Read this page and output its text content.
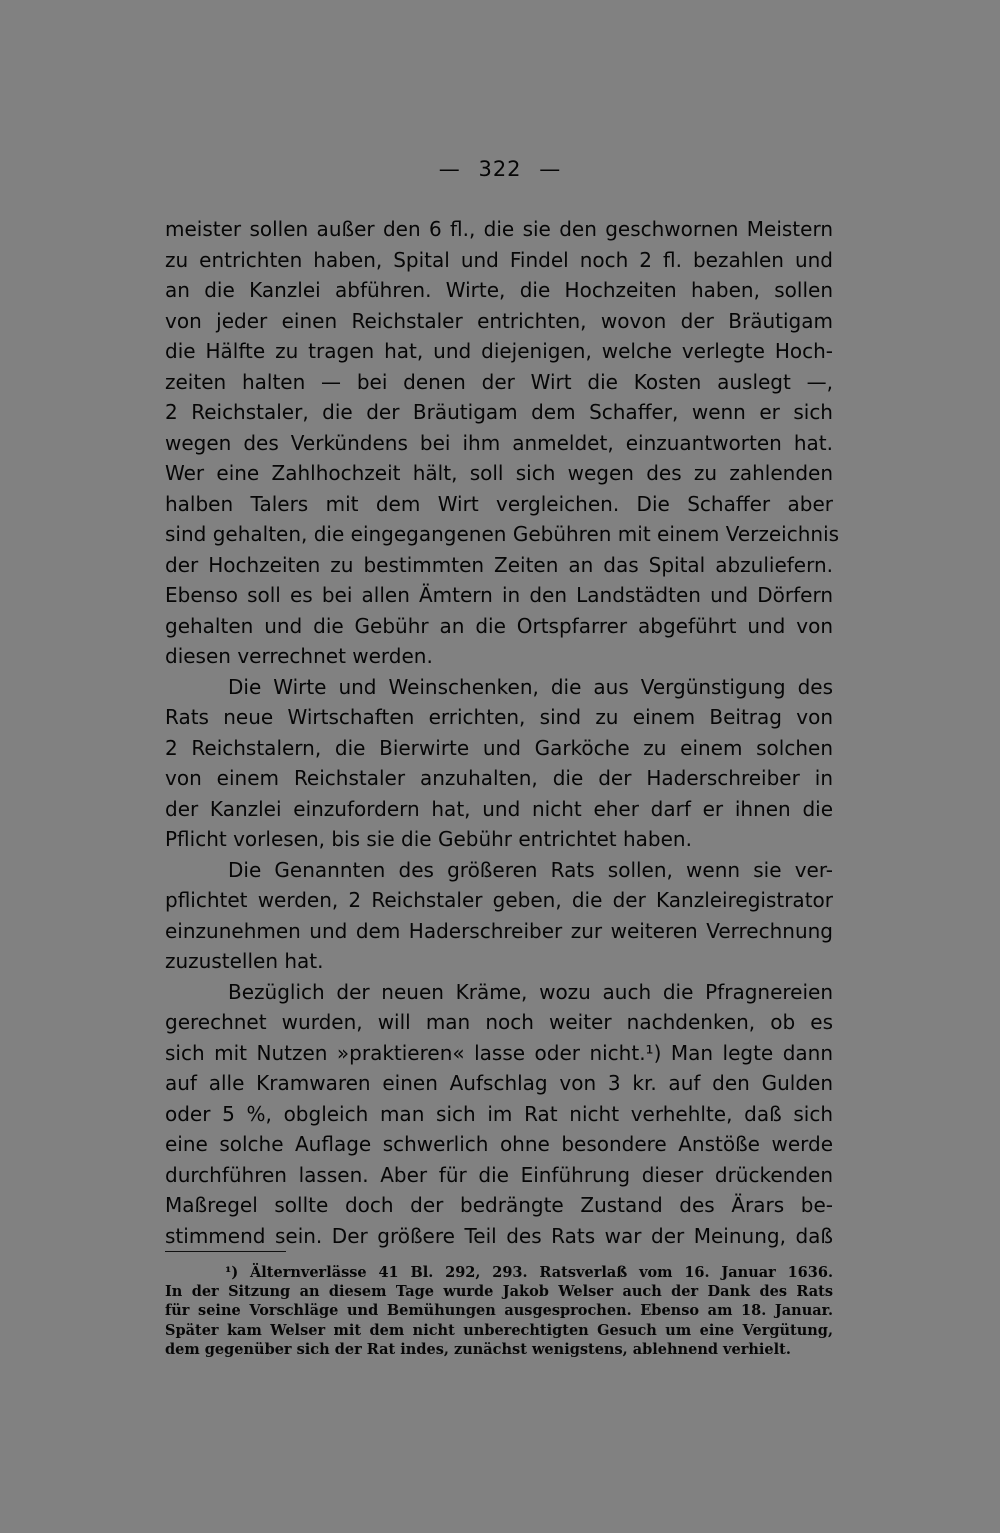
— 322 —
meister sollen außer den 6 fl., die sie den geschwornen Meistern
zu entrichten haben, Spital und Findel noch 2 fl. bezahlen und
an die Kanzlei abführen. Wirte, die Hochzeiten haben, sollen
von jeder einen Reichstaler entrichten, wovon der Bräutigam
die Hälfte zu tragen hat, und diejenigen, welche verlegte Hoch-
zeiten halten — bei denen der Wirt die Kosten auslegt —,
2 Reichstaler, die der Bräutigam dem Schaffer, wenn er sich
wegen des Verkündens bei ihm anmeldet, einzuantworten hat.
Wer eine Zahlhochzeit hält, soll sich wegen des zu zahlenden
halben Talers mit dem Wirt vergleichen. Die Schaffer aber
sind gehalten, die eingegangenen Gebühren mit einem Verzeichnis
der Hochzeiten zu bestimmten Zeiten an das Spital abzuliefern.
Ebenso soll es bei allen Ämtern in den Landstädten und Dörfern
gehalten und die Gebühr an die Ortspfarrer abgeführt und von
diesen verrechnet werden.
Die Wirte und Weinschenken, die aus Vergünstigung des
Rats neue Wirtschaften errichten, sind zu einem Beitrag von
2 Reichstalern, die Bierwirte und Garköche zu einem solchen
von einem Reichstaler anzuhalten, die der Haderschreiber in
der Kanzlei einzufordern hat, und nicht eher darf er ihnen die
Pflicht vorlesen, bis sie die Gebühr entrichtet haben.
Die Genannten des größeren Rats sollen, wenn sie ver-
pflichtet werden, 2 Reichstaler geben, die der Kanzleiregistrator
einzunehmen und dem Haderschreiber zur weiteren Verrechnung
zuzustellen hat.
Bezüglich der neuen Kräme, wozu auch die Pfragnereien
gerechnet wurden, will man noch weiter nachdenken, ob es
sich mit Nutzen »praktieren« lasse oder nicht.¹) Man legte dann
auf alle Kramwaren einen Aufschlag von 3 kr. auf den Gulden
oder 5 %, obgleich man sich im Rat nicht verhehlte, daß sich
eine solche Auflage schwerlich ohne besondere Anstöße werde
durchführen lassen. Aber für die Einführung dieser drückenden
Maßregel sollte doch der bedrängte Zustand des Ärars be-
stimmend sein. Der größere Teil des Rats war der Meinung, daß
¹) Älternverlässe 41 Bl. 292, 293. Ratsverlaß vom 16. Januar 1636.
In der Sitzung an diesem Tage wurde Jakob Welser auch der Dank des Rats
für seine Vorschläge und Bemühungen ausgesprochen. Ebenso am 18. Januar.
Später kam Welser mit dem nicht unberechtigten Gesuch um eine Vergütung,
dem gegenüber sich der Rat indes, zunächst wenigstens, ablehnend verhielt.
